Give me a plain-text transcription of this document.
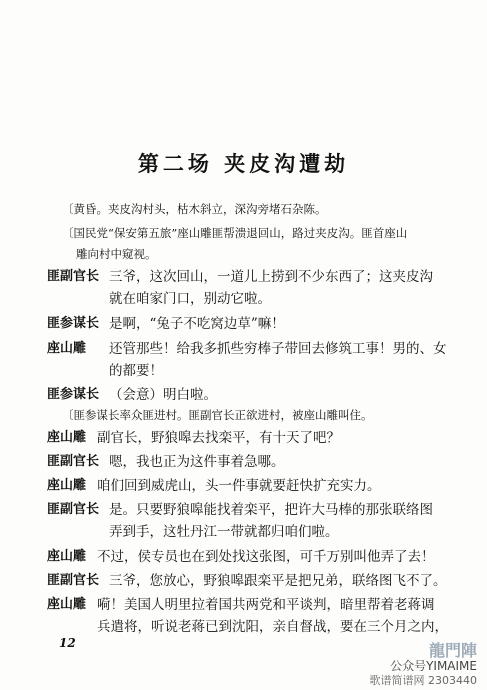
第二场 夹皮沟遭劫
〔黄昏。夹皮沟村头，枯木斜立，深沟旁堵石杂陈。
〔国民党“保安第五旅”座山雕匪帮溃退回山，路过夹皮沟。匪首座山
雕向村中窥视。
匪副官长 三爷，这次回山，一道儿上捞到不少东西了；这夹皮沟
就在咱家门口，别动它啦。
匪参谋长 是啊，“兔子不吃窝边草”嘛！
座山雕 还管那些！给我多抓些穷棒子带回去修筑工事！男的、女
的都要！
匪参谋长 （会意）明白啦。
〔匪参谋长率众匪进村。匪副官长正欲进村，被座山雕叫住。
座山雕 副官长，野狼嗥去找栾平，有十天了吧？
匪副官长 嗯，我也正为这件事着急哪。
座山雕 咱们回到威虎山，头一件事就要赶快扩充实力。
匪副官长 是。只要野狼嗥能找着栾平，把许大马棒的那张联络图
弄到手，这牡丹江一带就都归咱们啦。
座山雕 不过，侯专员也在到处找这张图，可千万别叫他弄了去！
匪副官长 三爷，您放心，野狼嗥跟栾平是把兄弟，联络图飞不了。
座山雕 嗬！美国人明里拉着国共两党和平谈判，暗里帮着老蒋调
兵遣将，听说老蒋已到沈阳，亲自督战，要在三个月之内，
12	龍門陣
公众号YIMAIME
歌谱简谱网 2303440
